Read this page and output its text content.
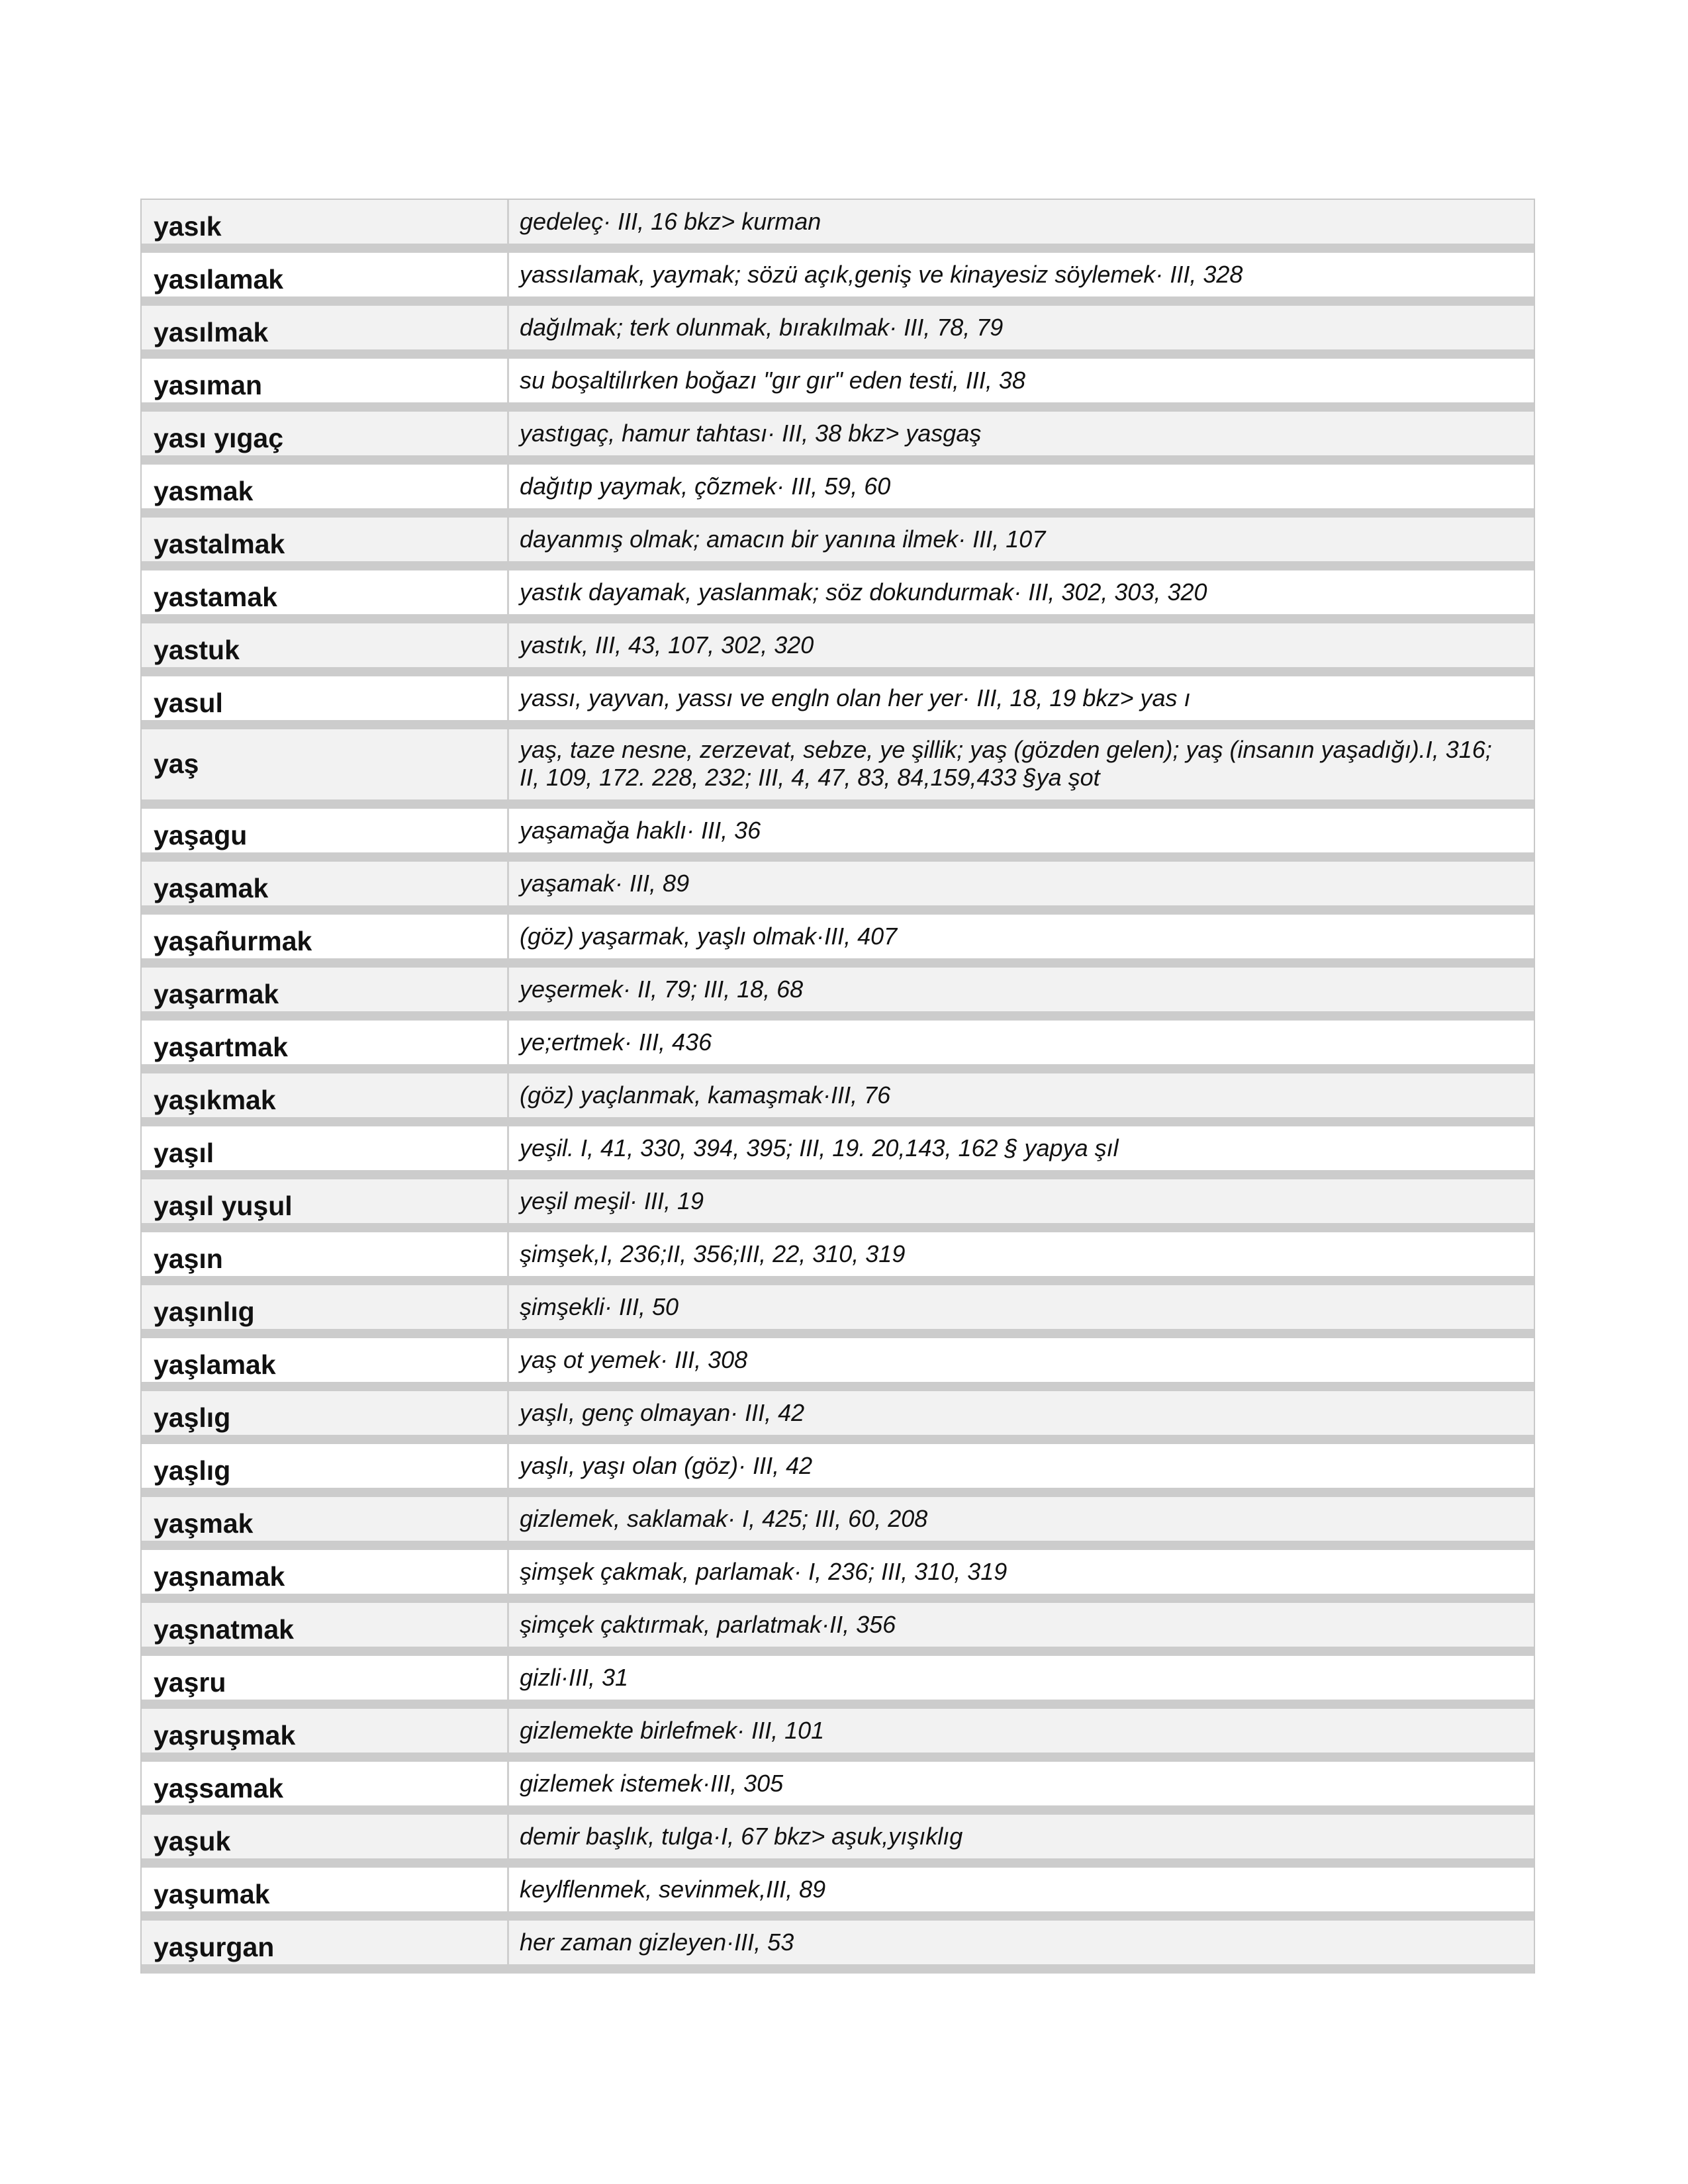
yasık	gedeleç· III, 16 bkz> kurman
yasılamak	yassılamak, yaymak; sözü açık,geniş ve kinayesiz söylemek· III, 328
yasılmak	dağılmak; terk olunmak, bırakılmak· III, 78, 79
yasıman	su boşaltilırken boğazı "gır gır" eden testi, III, 38
yası yıgaç	yastıgaç, hamur tahtası· III, 38 bkz> yasgaş
yasmak	dağıtıp yaymak, çõzmek· III, 59, 60
yastalmak	dayanmış olmak; amacın bir yanına ilmek· III, 107
yastamak	yastık dayamak, yaslanmak; söz dokundurmak· III, 302, 303, 320
yastuk	yastık, III, 43, 107, 302, 320
yasul	yassı, yayvan, yassı ve engln olan her yer· III, 18, 19 bkz> yas ı
yaş	yaş, taze nesne, zerzevat, sebze, ye şillik; yaş (gözden gelen); yaş (insanın yaşadığı).I, 316; II, 109, 172. 228, 232; III, 4, 47, 83, 84,159,433 §ya şot
yaşagu	yaşamağa haklı· III, 36
yaşamak	yaşamak· III, 89
yaşañurmak	(göz) yaşarmak, yaşlı olmak·III, 407
yaşarmak	yeşermek· II, 79; III, 18, 68
yaşartmak	ye;ertmek· III, 436
yaşıkmak	(göz) yaçlanmak, kamaşmak·III, 76
yaşıl	yeşil. I, 41, 330, 394, 395; III, 19. 20,143, 162 § yapya şıl
yaşıl yuşul	yeşil meşil· III, 19
yaşın	şimşek,I, 236;II, 356;III, 22, 310, 319
yaşınlıg	şimşekli· III, 50
yaşlamak	yaş ot yemek· III, 308
yaşlıg	yaşlı, genç olmayan· III, 42
yaşlıg	yaşlı, yaşı olan (göz)· III, 42
yaşmak	gizlemek, saklamak· I, 425; III, 60, 208
yaşnamak	şimşek çakmak, parlamak· I, 236; III, 310, 319
yaşnatmak	şimçek çaktırmak, parlatmak·II, 356
yaşru	gizli·III, 31
yaşruşmak	gizlemekte birlefmek· III, 101
yaşsamak	gizlemek istemek·III, 305
yaşuk	demir başlık, tulga·I, 67 bkz> aşuk,yışıklıg
yaşumak	keylflenmek, sevinmek,III, 89
yaşurgan	her zaman gizleyen·III, 53
